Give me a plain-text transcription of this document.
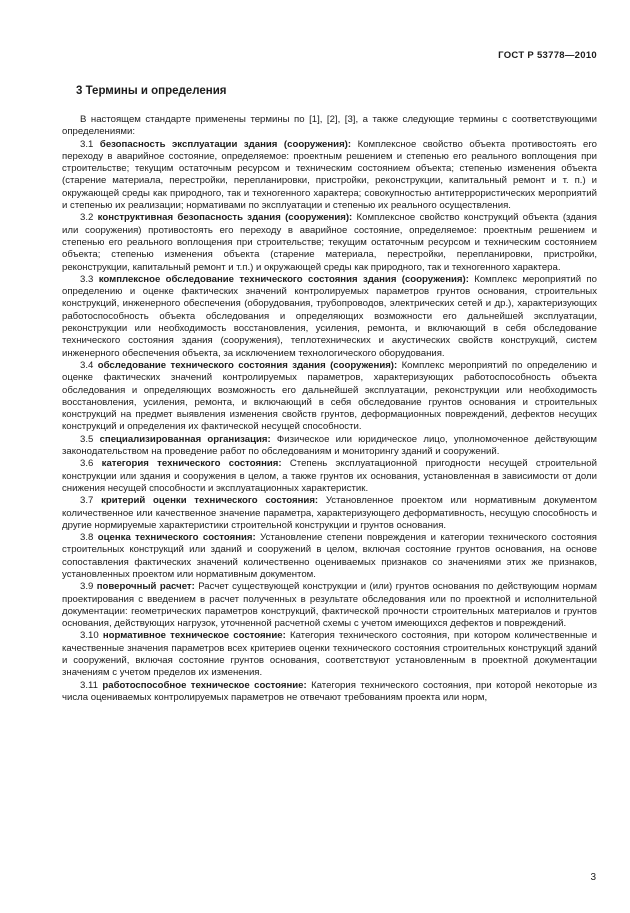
ГОСТ Р 53778—2010
3 Термины и определения

В настоящем стандарте применены термины по [1], [2], [3], а также следующие термины с соответствующими определениями:

3.1 безопасность эксплуатации здания (сооружения): Комплексное свойство объекта противостоять его переходу в аварийное состояние, определяемое: проектным решением и степенью его реального воплощения при строительстве; текущим остаточным ресурсом и техническим состоянием объекта; степенью изменения объекта (старение материала, перестройки, перепланировки, пристройки, реконструкции, капитальный ремонт и т. п.) и окружающей среды как природного, так и техногенного характера; совокупностью антитеррористических мероприятий и степенью их реализации; нормативами по эксплуатации и степенью их реального осуществления.

3.2 конструктивная безопасность здания (сооружения): Комплексное свойство конструкций объекта (здания или сооружения) противостоять его переходу в аварийное состояние, определяемое: проектным решением и степенью его реального воплощения при строительстве; текущим остаточным ресурсом и техническим состоянием объекта; степенью изменения объекта (старение материала, перестройки, перепланировки, пристройки, реконструкции, капитальный ремонт и т.п.) и окружающей среды как природного, так и техногенного характера.

3.3 комплексное обследование технического состояния здания (сооружения): Комплекс мероприятий по определению и оценке фактических значений контролируемых параметров грунтов основания, строительных конструкций, инженерного обеспечения (оборудования, трубопроводов, электрических сетей и др.), характеризующих работоспособность объекта обследования и определяющих возможности его дальнейшей эксплуатации, реконструкции или необходимость восстановления, усиления, ремонта, и включающий в себя обследование технического состояния здания (сооружения), теплотехнических и акустических свойств конструкций, систем инженерного обеспечения объекта, за исключением технологического оборудования.

3.4 обследование технического состояния здания (сооружения): Комплекс мероприятий по определению и оценке фактических значений контролируемых параметров, характеризующих работоспособность объекта обследования и определяющих возможность его дальнейшей эксплуатации, реконструкции или необходимость восстановления, усиления, ремонта, и включающий в себя обследование грунтов основания и строительных конструкций на предмет выявления изменения свойств грунтов, деформационных повреждений, дефектов несущих конструкций и определения их фактической несущей способности.

3.5 специализированная организация: Физическое или юридическое лицо, уполномоченное действующим законодательством на проведение работ по обследованиям и мониторингу зданий и сооружений.

3.6 категория технического состояния: Степень эксплуатационной пригодности несущей строительной конструкции или здания и сооружения в целом, а также грунтов их основания, установленная в зависимости от доли снижения несущей способности и эксплуатационных характеристик.

3.7 критерий оценки технического состояния: Установленное проектом или нормативным документом количественное или качественное значение параметра, характеризующего деформативность, несущую способность и другие нормируемые характеристики строительной конструкции и грунтов основания.

3.8 оценка технического состояния: Установление степени повреждения и категории технического состояния строительных конструкций или зданий и сооружений в целом, включая состояние грунтов основания, на основе сопоставления фактических значений количественно оцениваемых признаков со значениями этих же признаков, установленных проектом или нормативным документом.

3.9 поверочный расчет: Расчет существующей конструкции и (или) грунтов основания по действующим нормам проектирования с введением в расчет полученных в результате обследования или по проектной и исполнительной документации: геометрических параметров конструкций, фактической прочности строительных материалов и грунтов основания, действующих нагрузок, уточненной расчетной схемы с учетом имеющихся дефектов и повреждений.

3.10 нормативное техническое состояние: Категория технического состояния, при котором количественные и качественные значения параметров всех критериев оценки технического состояния строительных конструкций зданий и сооружений, включая состояние грунтов основания, соответствуют установленным в проектной документации значениям с учетом пределов их изменения.

3.11 работоспособное техническое состояние: Категория технического состояния, при которой некоторые из числа оцениваемых контролируемых параметров не отвечают требованиям проекта или норм,

3
